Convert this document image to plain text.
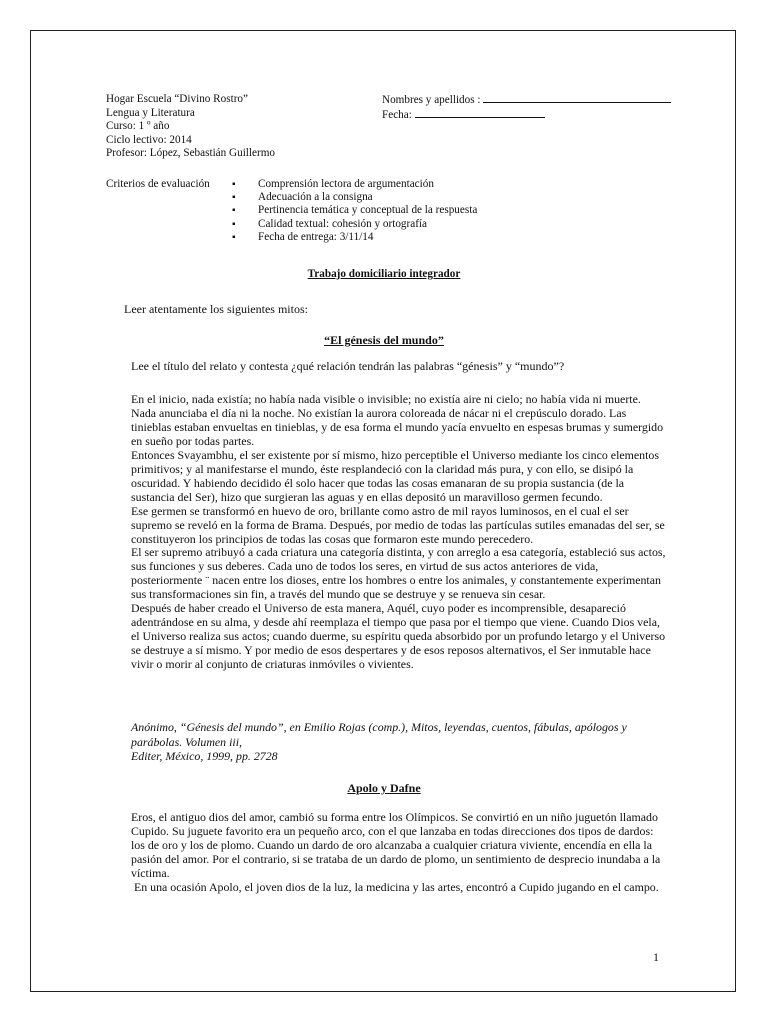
Hogar Escuela “Divino Rostro”
Lengua y Literatura
Curso: 1 º año
Ciclo lectivo: 2014
Profesor: López, Sebastián Guillermo
Nombres y apellidos :
Fecha:
Criterios de evaluación
▪	Comprensión lectora de argumentación
▪ Adecuación a la consigna
▪ Pertinencia temática y conceptual de la respuesta
▪ Calidad textual: cohesión y ortografía
▪ Fecha de entrega: 3/11/14
Trabajo domiciliario integrador
Leer atentamente los siguientes mitos:
“El génesis del mundo”
Lee el título del relato y contesta ¿qué relación tendrán las palabras “génesis” y “mundo”?

En el inicio, nada existía; no había nada visible o invisible; no existía aire ni cielo; no había vida ni muerte. Nada anunciaba el día ni la noche. No existían la aurora coloreada de nácar ni el crepúsculo dorado. Las tinieblas estaban envueltas en tinieblas, y de esa forma el mundo yacía envuelto en espesas brumas y sumergido en sueño por todas partes.

Entonces Svayambhu, el ser existente por sí mismo, hizo perceptible el Universo mediante los cinco elementos primitivos; y al manifestarse el mundo, éste resplandeció con la claridad más pura, y con ello, se disipó la oscuridad. Y habiendo decidido él solo hacer que todas las cosas emanaran de su propia sustancia (de la sustancia del Ser), hizo que surgieran las aguas y en ellas depositó un maravilloso germen fecundo.

Ese germen se transformó en huevo de oro, brillante como astro de mil rayos luminosos, en el cual el ser supremo se reveló en la forma de Brama. Después, por medio de todas las partículas sutiles emanadas del ser, se constituyeron los principios de todas las cosas que formaron este mundo perecedero.

El ser supremo atribuyó a cada criatura una categoría distinta, y con arreglo a esa categoría, estableció sus actos, sus funciones y sus deberes. Cada uno de todos los seres, en virtud de sus actos anteriores de vida, posteriormente ¨ nacen entre los dioses, entre los hombres o entre los animales, y constantemente experimentan sus transformaciones sin fin, a través del mundo que se destruye y se renueva sin cesar.

Después de haber creado el Universo de esta manera, Aquél, cuyo poder es incomprensible, desapareció adentrándose en su alma, y desde ahí reemplaza el tiempo que pasa por el tiempo que viene. Cuando Dios vela, el Universo realiza sus actos; cuando duerme, su espíritu queda absorbido por un profundo letargo y el Universo se destruye a sí mismo. Y por medio de esos despertares y de esos reposos alternativos, el Ser inmutable hace vivir o morir al conjunto de criaturas inmóviles o vivientes.

Anónimo, “Génesis del mundo”, en Emilio Rojas (comp.), Mitos, leyendas, cuentos, fábulas, apólogos y parábolas. Volumen iii,
Editer, México, 1999, pp. 2728
Apolo y Dafne

Eros, el antiguo dios del amor, cambió su forma entre los Olímpicos. Se convirtió en un niño juguetón llamado Cupido. Su juguete favorito era un pequeño arco, con el que lanzaba en todas direcciones dos tipos de dardos: los de oro y los de plomo. Cuando un dardo de oro alcanzaba a cualquier criatura viviente, encendía en ella la pasión del amor. Por el contrario, si se trataba de un dardo de plomo, un sentimiento de desprecio inundaba a la víctima.

En una ocasión Apolo, el joven dios de la luz, la medicina y las artes, encontró a Cupido jugando en el campo.

1
